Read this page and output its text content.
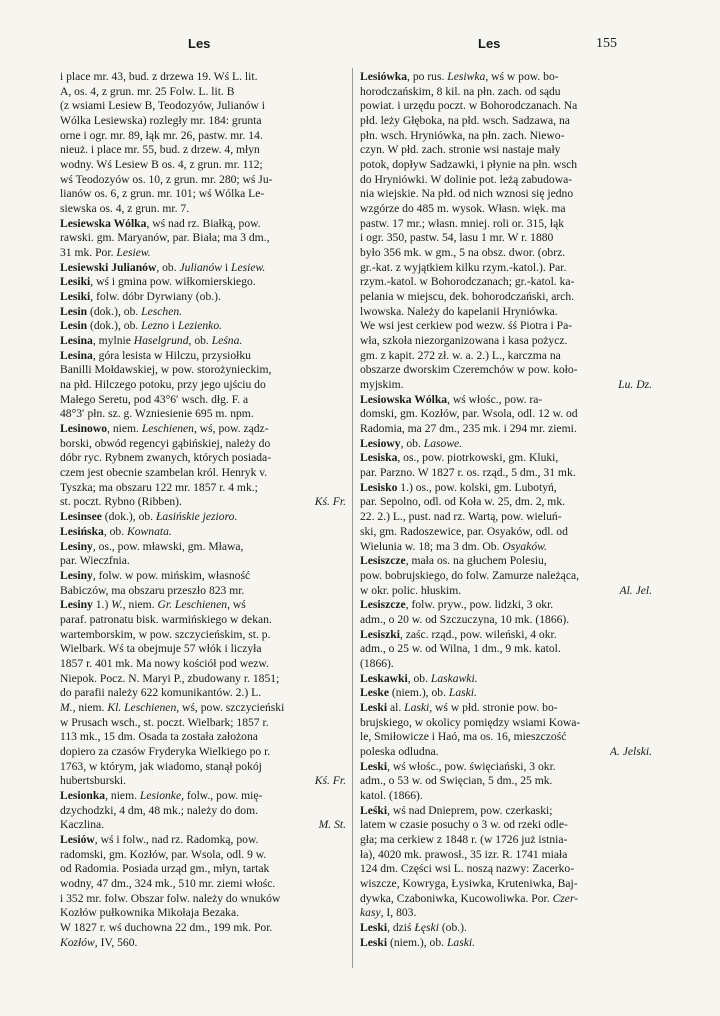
Les	Les	155
i place mr. 43, bud. z drzewa 19. Wś L. lit.
A, os. 4, z grun. mr. 25 Folw. L. lit. B
(z wsiami Lesiew B, Teodozyów, Julianów i
Wólka Lesiewska) rozległy mr. 184: grunta
orne i ogr. mr. 89, łąk mr. 26, pastw. mr. 14.
nieuż. i place mr. 55, bud. z drzew. 4, młyn
wodny. Wś Lesiew B os. 4, z grun. mr. 112;
wś Teodozyów os. 10, z grun. mr. 280; wś Ju-
lianów os. 6, z grun. mr. 101; wś Wólka Le-
siewska os. 4, z grun. mr. 7.
Lesiewska Wólka, wś nad rz. Białką, pow.
rawski. gm. Maryanów, par. Biała; ma 3 dm.,
31 mk. Por. Lesiew.
Lesiewski Julianów, ob. Julianów i Lesiew.
Lesiki, wś i gmina pow. wiłkomierskiego.
Lesiki, folw. dóbr Dyrwiany (ob.).
Lesin (dok.), ob. Leschen.
Lesin (dok.), ob. Lezno i Lezienko.
Lesina, mylnie Haselgrund, ob. Leśna.
Lesina, góra lesista w Hilczu, przysiołku
Banilli Mołdawskiej, w pow. storożynieckim,
na płd. Hilczego potoku, przy jego ujściu do
Małego Seretu, pod 43°6′ wsch. dłg. F. a
48°3′ płn. sz. g. Wzniesienie 695 m. npm.
Lesinowo, niem. Leschienen, wś, pow. ządz-
borski, obwód regencyi gąbińskiej, należy do
dóbr ryc. Rybnem zwanych, których posiada-
czem jest obecnie szambelan król. Henryk v.
Tyszka; ma obszaru 122 mr. 1857 r. 4 mk.;
st. poczt. Rybno (Ribben).	Kś. Fr.
Lesinsee (dok.), ob. Łasińskie jezioro.
Lesińska, ob. Kownata.
Lesiny, os., pow. mławski, gm. Mława,
par. Wieczfnia.
Lesiny, folw. w pow. mińskim, własność
Babiczów, ma obszaru przeszło 823 mr.
Lesiny 1.) W., niem. Gr. Leschienen, wś
paraf. patronatu bisk. warmińskiego w dekan.
wartemborskim, w pow. szczycieńskim, st. p.
Wielbark. Wś ta obejmuje 57 włók i liczyła
1857 r. 401 mk. Ma nowy kościół pod wezw.
Niepok. Pocz. N. Maryi P., zbudowany r. 1851;
do parafii należy 622 komunikantów. 2.) L.
M., niem. Kl. Leschienen, wś, pow. szczycieński
w Prusach wsch., st. poczt. Wielbark; 1857 r.
113 mk., 15 dm. Osada ta została założona
dopiero za czasów Fryderyka Wielkiego po r.
1763, w którym, jak wiadomo, stanął pokój
hubertsburski.	Kś. Fr.
Lesionka, niem. Lesionke, folw., pow. mię-
dzychodzki, 4 dm, 48 mk.; należy do dom.
Kaczlina.	M. St.
Lesiów, wś i folw., nad rz. Radomką, pow.
radomski, gm. Kozłów, par. Wsola, odl. 9 w.
od Radomia. Posiada urząd gm., młyn, tartak
wodny, 47 dm., 324 mk., 510 mr. ziemi włośc.
i 352 mr. folw. Obszar folw. należy do wnuków
Kozłów pułkownika Mikołaja Bezaka.
W 1827 r. wś duchowna 22 dm., 199 mk. Por.
Kozłów, IV, 560.
Lesiówka, po rus. Lesiwka, wś w pow. bo-
horodczańskim, 8 kil. na płn. zach. od sądu
powiat. i urzędu poczt. w Bohorodczanach. Na
płd. leży Głęboka, na płd. wsch. Sadzawa, na
płn. wsch. Hryniówka, na płn. zach. Niewo-
czyn. W płd. zach. stronie wsi nastaje mały
potok, dopływ Sadzawki, i płynie na płn. wsch
do Hryniówki. W dolinie pot. leżą zabudowa-
nia wiejskie. Na płd. od nich wznosi się jedno
wzgórze do 485 m. wysok. Własn. więk. ma
pastw. 17 mr.; własn. mniej. roli or. 315, łąk
i ogr. 350, pastw. 54, lasu 1 mr. W r. 1880
było 356 mk. w gm., 5 na obsz. dwor. (obrz.
gr.-kat. z wyjątkiem kilku rzym.-katol.). Par.
rzym.-katol. w Bohorodczanach; gr.-katol. ka-
pelania w miejscu, dek. bohorodczański, arch.
lwowska. Należy do kapelanii Hryniówka.
We wsi jest cerkiew pod wezw. śś Piotra i Pa-
wła, szkoła niezorganizowana i kasa pożycz.
gm. z kapit. 272 zł. w. a. 2.) L., karczma na
obszarze dworskim Czeremchów w pow. koło-
myjskim.	Lu. Dz.
Lesiowska Wólka, wś włośc., pow. ra-
domski, gm. Kozłów, par. Wsola, odl. 12 w. od
Radomia, ma 27 dm., 235 mk. i 294 mr. ziemi.
Lesiowy, ob. Lasowe.
Lesiska, os., pow. piotrkowski, gm. Kluki,
par. Parzno. W 1827 r. os. rząd., 5 dm., 31 mk.
Lesisko 1.) os., pow. kolski, gm. Lubotyń,
par. Sepolno, odl. od Koła w. 25, dm. 2, mk.
22. 2.) L., pust. nad rz. Wartą, pow. wieluń-
ski, gm. Radoszewice, par. Osyaków, odl. od
Wielunia w. 18; ma 3 dm. Ob. Osyaków.
Lesiszcze, mała os. na głuchem Polesiu,
pow. bobrujskiego, do folw. Zamurze należąca,
w okr. polic. hłuskim.	Al. Jel.
Lesiszcze, folw. pryw., pow. lidzki, 3 okr.
adm., o 20 w. od Szczuczyna, 10 mk. (1866).
Lesiszki, zaśc. rząd., pow. wileński, 4 okr.
adm., o 25 w. od Wilna, 1 dm., 9 mk. katol.
(1866).
Leskawki, ob. Laskawki.
Leske (niem.), ob. Laski.
Leski al. Laski, wś w płd. stronie pow. bo-
brujskiego, w okolicy pomiędzy wsiami Kowa-
le, Smiłowicze i Haó, ma os. 16, mieszczość
poleska odludna.	A. Jelski.
Leski, wś włośc., pow. święciański, 3 okr.
adm., o 53 w. od Swięcian, 5 dm., 25 mk.
katol. (1866).
Leśki, wś nad Dnieprem, pow. czerkaski;
latem w czasie posuchy o 3 w. od rzeki odle-
gła; ma cerkiew z 1848 r. (w 1726 już istnia-
ła), 4020 mk. prawosł., 35 izr. R. 1741 miała
124 dm. Części wsi L. noszą nazwy: Zacerko-
wiszcze, Kowryga, Łysiwka, Kruteniwka, Baj-
dywka, Czaboniwka, Kucowoliwka. Por. Czer-
kasy, I, 803.
Leski, dziś Łęski (ob.).
Leski (niem.), ob. Laski.
